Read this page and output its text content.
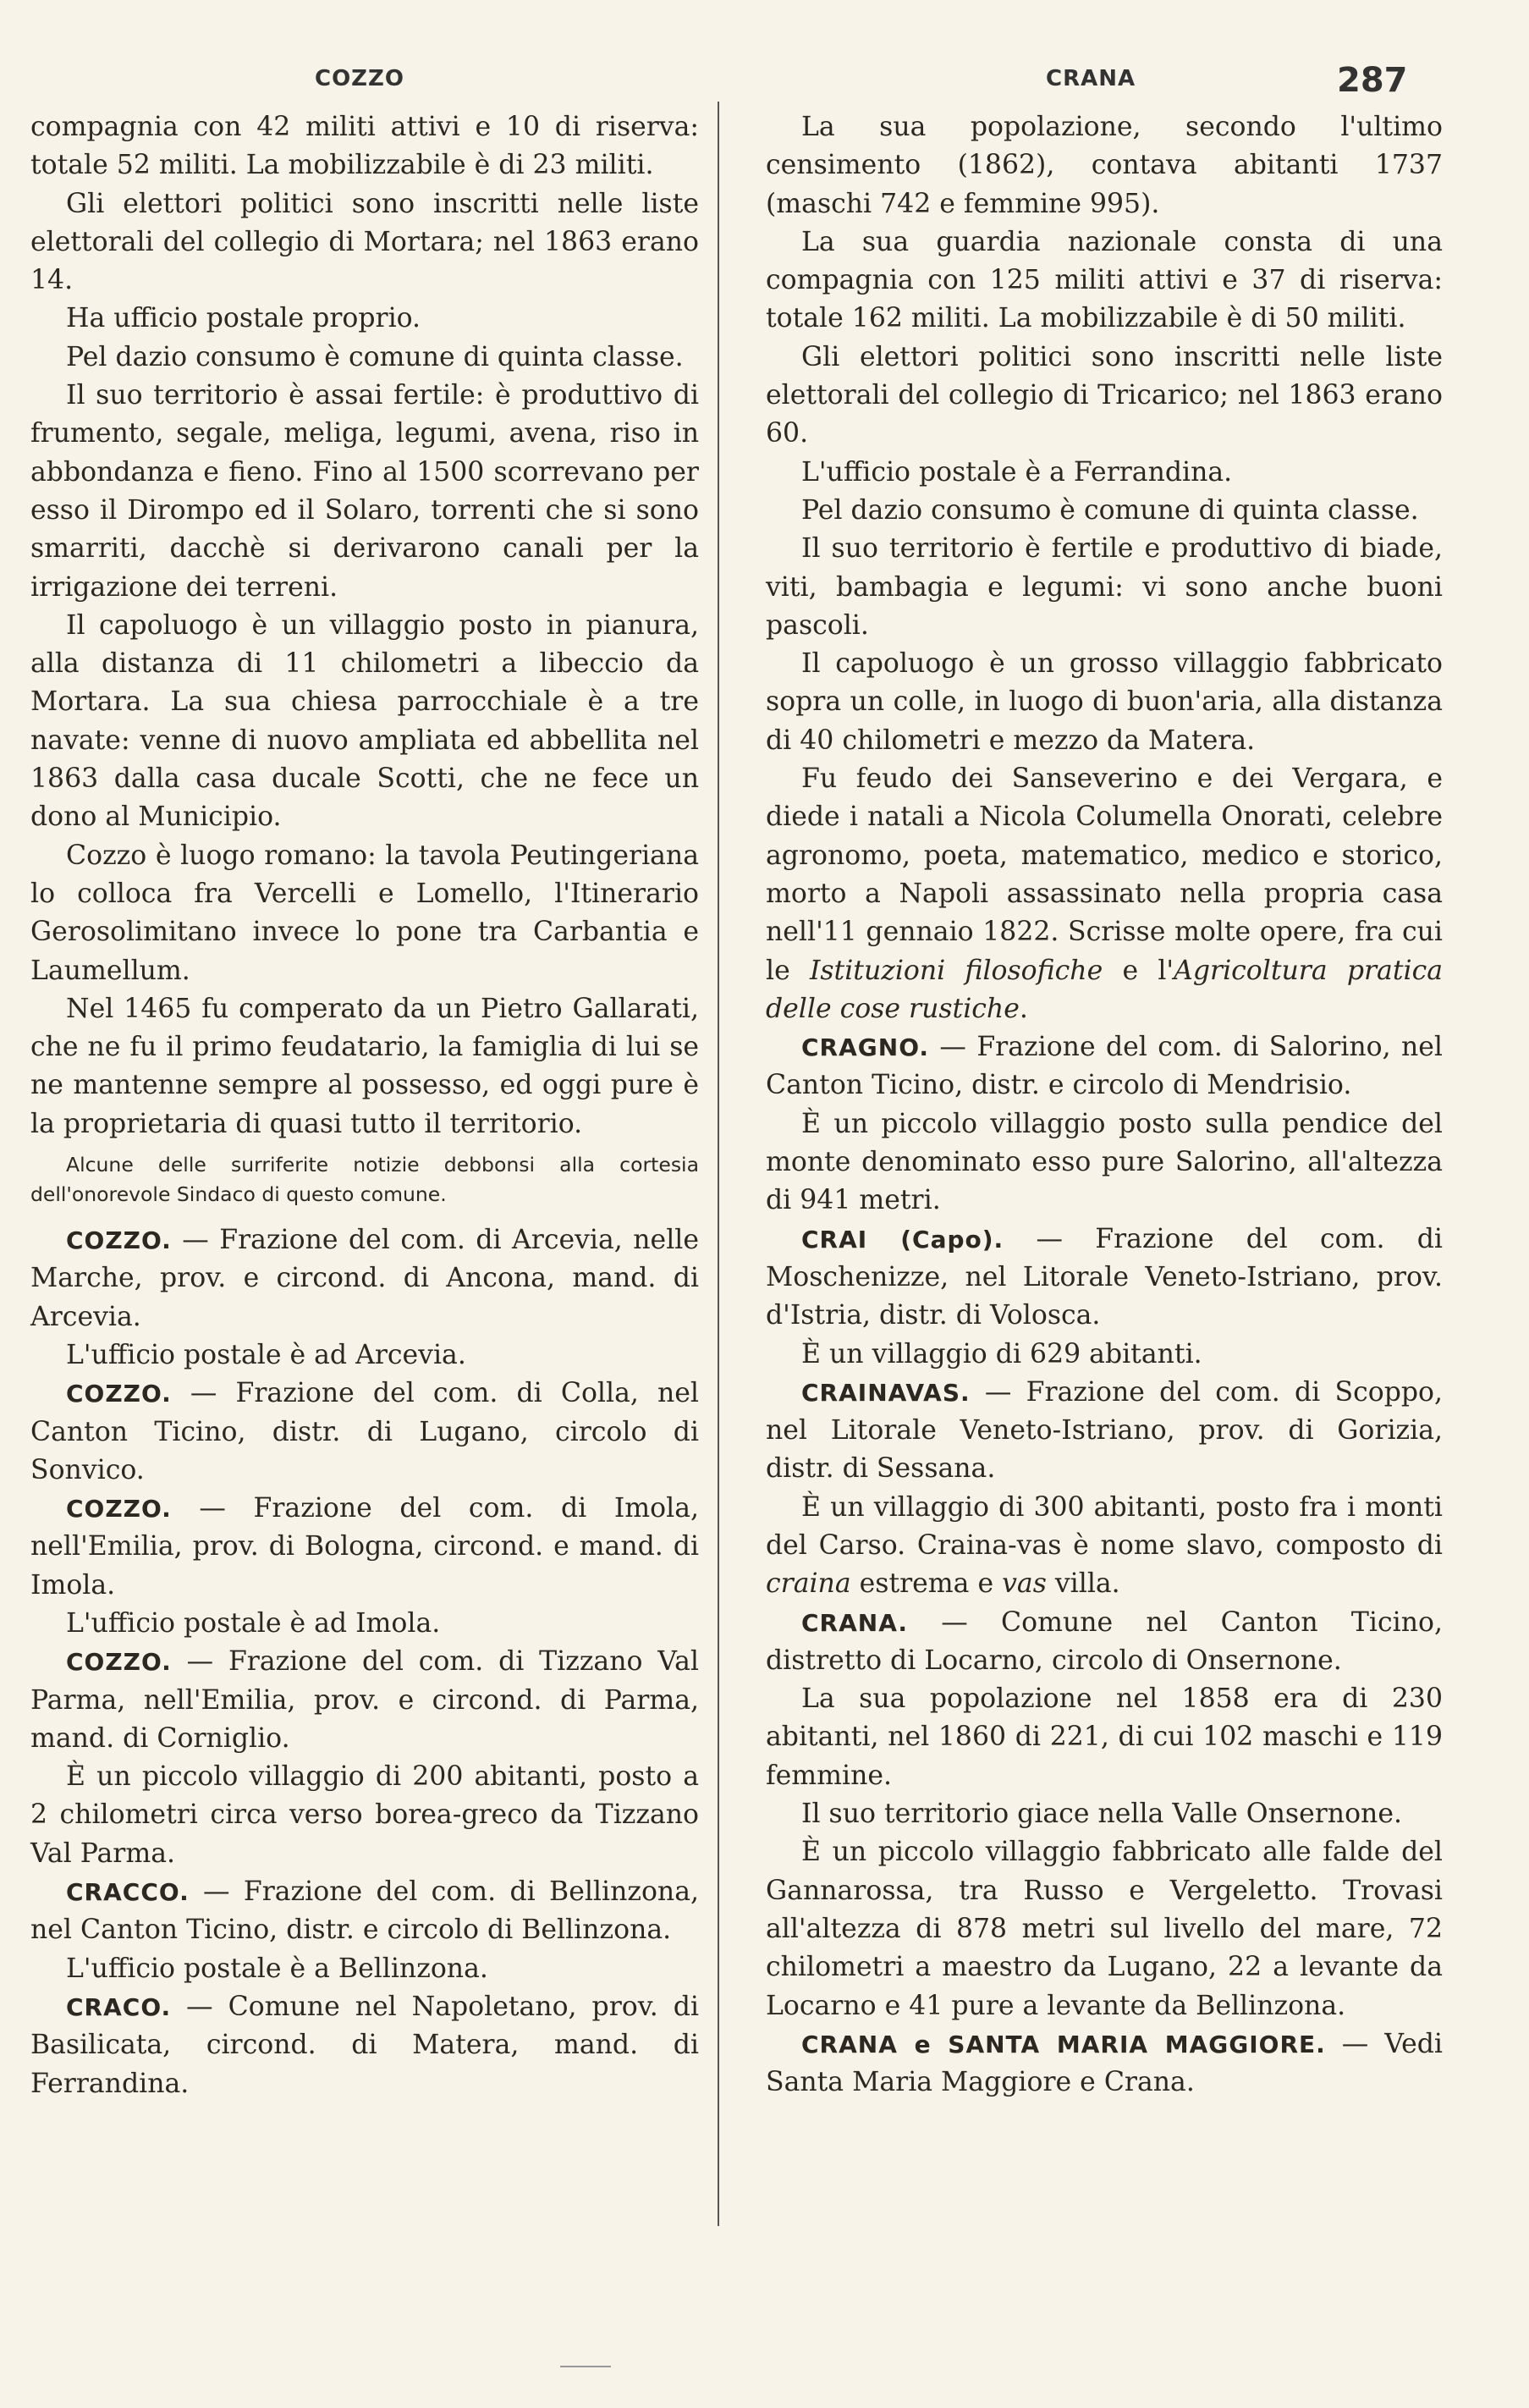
COZZO	CRANA	287

compagnia con 42 militi attivi e 10 di riserva: totale 52 militi. La mobilizzabile è di 23 militi.

Gli elettori politici sono inscritti nelle liste elettorali del collegio di Mortara; nel 1863 erano 14.

Ha ufficio postale proprio.

Pel dazio consumo è comune di quinta classe.

Il suo territorio è assai fertile: è produttivo di frumento, segale, meliga, legumi, avena, riso in abbondanza e fieno. Fino al 1500 scorrevano per esso il Dirompo ed il Solaro, torrenti che si sono smarriti, dacchè si derivarono canali per la irrigazione dei terreni.

Il capoluogo è un villaggio posto in pianura, alla distanza di 11 chilometri a libeccio da Mortara. La sua chiesa parrocchiale è a tre navate: venne di nuovo ampliata ed abbellita nel 1863 dalla casa ducale Scotti, che ne fece un dono al Municipio.

Cozzo è luogo romano: la tavola Peutingeriana lo colloca fra Vercelli e Lomello, l'Itinerario Gerosolimitano invece lo pone tra Carbantia e Laumellum.

Nel 1465 fu comperato da un Pietro Gallarati, che ne fu il primo feudatario, la famiglia di lui se ne mantenne sempre al possesso, ed oggi pure è la proprietaria di quasi tutto il territorio.

Alcune delle surriferite notizie debbonsi alla cortesia dell'onorevole Sindaco di questo comune.

COZZO. — Frazione del com. di Arcevia, nelle Marche, prov. e circond. di Ancona, mand. di Arcevia.

L'ufficio postale è ad Arcevia.

COZZO. — Frazione del com. di Colla, nel Canton Ticino, distr. di Lugano, circolo di Sonvico.

COZZO. — Frazione del com. di Imola, nell'Emilia, prov. di Bologna, circond. e mand. di Imola.

L'ufficio postale è ad Imola.

COZZO. — Frazione del com. di Tizzano Val Parma, nell'Emilia, prov. e circond. di Parma, mand. di Corniglio.

È un piccolo villaggio di 200 abitanti, posto a 2 chilometri circa verso borea-greco da Tizzano Val Parma.

CRACCO. — Frazione del com. di Bellinzona, nel Canton Ticino, distr. e circolo di Bellinzona.

L'ufficio postale è a Bellinzona.

CRACO. — Comune nel Napoletano, prov. di Basilicata, circond. di Matera, mand. di Ferrandina.

La sua popolazione, secondo l'ultimo censimento (1862), contava abitanti 1737 (maschi 742 e femmine 995).

La sua guardia nazionale consta di una compagnia con 125 militi attivi e 37 di riserva: totale 162 militi. La mobilizzabile è di 50 militi.

Gli elettori politici sono inscritti nelle liste elettorali del collegio di Tricarico; nel 1863 erano 60.

L'ufficio postale è a Ferrandina.

Pel dazio consumo è comune di quinta classe.

Il suo territorio è fertile e produttivo di biade, viti, bambagia e legumi: vi sono anche buoni pascoli.

Il capoluogo è un grosso villaggio fabbricato sopra un colle, in luogo di buon'aria, alla distanza di 40 chilometri e mezzo da Matera.

Fu feudo dei Sanseverino e dei Vergara, e diede i natali a Nicola Columella Onorati, celebre agronomo, poeta, matematico, medico e storico, morto a Napoli assassinato nella propria casa nell'11 gennaio 1822. Scrisse molte opere, fra cui le Istituzioni filosofiche e l'Agricoltura pratica delle cose rustiche.

CRAGNO. — Frazione del com. di Salorino, nel Canton Ticino, distr. e circolo di Mendrisio.

È un piccolo villaggio posto sulla pendice del monte denominato esso pure Salorino, all'altezza di 941 metri.

CRAI (Capo). — Frazione del com. di Moschenizze, nel Litorale Veneto-Istriano, prov. d'Istria, distr. di Volosca.

È un villaggio di 629 abitanti.

CRAINAVAS. — Frazione del com. di Scoppo, nel Litorale Veneto-Istriano, prov. di Gorizia, distr. di Sessana.

È un villaggio di 300 abitanti, posto fra i monti del Carso. Craina-vas è nome slavo, composto di craina estrema e vas villa.

CRANA. — Comune nel Canton Ticino, distretto di Locarno, circolo di Onsernone.

La sua popolazione nel 1858 era di 230 abitanti, nel 1860 di 221, di cui 102 maschi e 119 femmine.

Il suo territorio giace nella Valle Onsernone.

È un piccolo villaggio fabbricato alle falde del Gannarossa, tra Russo e Vergeletto. Trovasi all'altezza di 878 metri sul livello del mare, 72 chilometri a maestro da Lugano, 22 a levante da Locarno e 41 pure a levante da Bellinzona.

CRANA e SANTA MARIA MAGGIORE. — Vedi Santa Maria Maggiore e Crana.
